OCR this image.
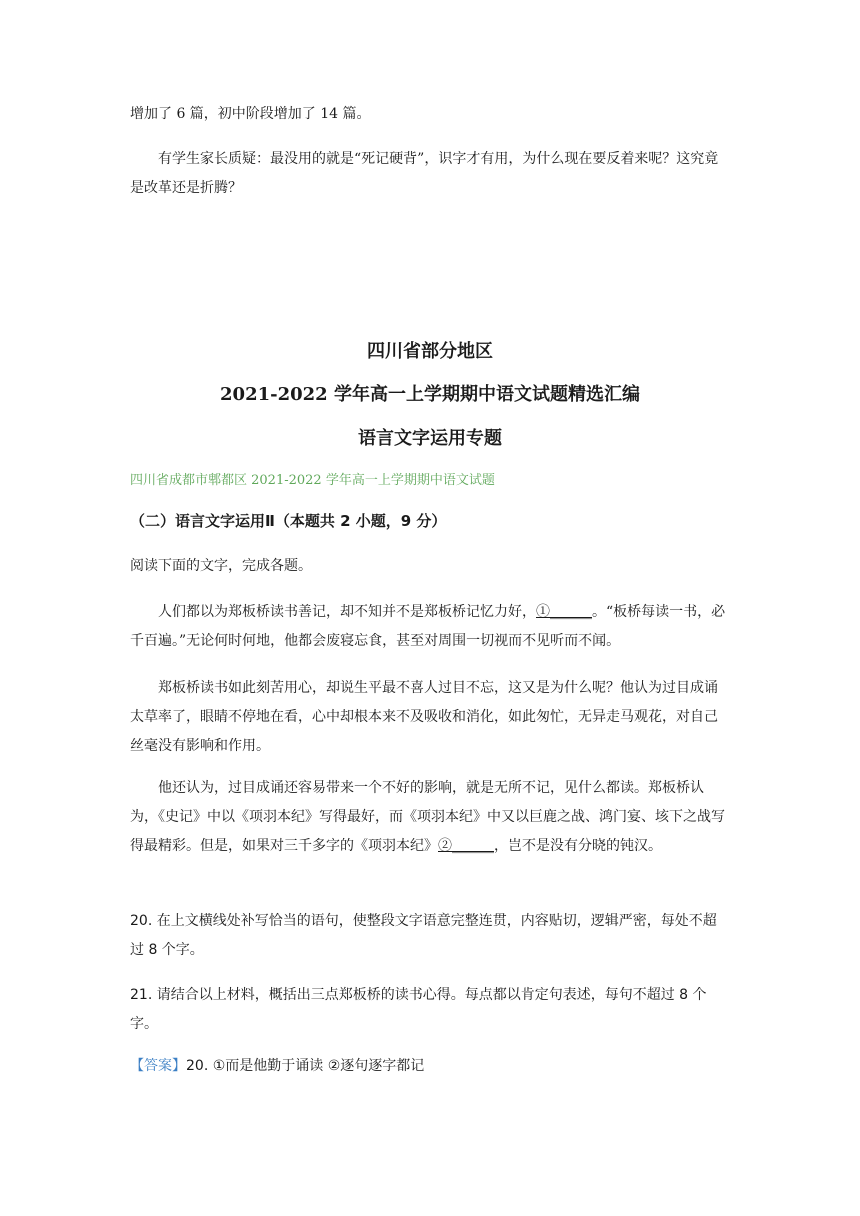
增加了 6 篇，初中阶段增加了 14 篇。

有学生家长质疑：最没用的就是“死记硬背”，识字才有用，为什么现在要反着来呢？这究竟是改革还是折腾？

四川省部分地区
2021-2022 学年高一上学期期中语文试题精选汇编
语言文字运用专题

四川省成都市郫都区 2021-2022 学年高一上学期期中语文试题

（二）语言文字运用Ⅱ（本题共 2 小题，9 分）

阅读下面的文字，完成各题。

人们都以为郑板桥读书善记，却不知并不是郑板桥记忆力好，①______。“板桥每读一书，必千百遍。”无论何时何地，他都会废寝忘食，甚至对周围一切视而不见听而不闻。

郑板桥读书如此刻苦用心，却说生平最不喜人过目不忘，这又是为什么呢？他认为过目成诵太草率了，眼睛不停地在看，心中却根本来不及吸收和消化，如此匆忙，无异走马观花，对自己丝毫没有影响和作用。

他还认为，过目成诵还容易带来一个不好的影响，就是无所不记，见什么都读。郑板桥认为，《史记》中以《项羽本纪》写得最好，而《项羽本纪》中又以巨鹿之战、鸿门宴、垓下之战写得最精彩。但是，如果对三千多字的《项羽本纪》②______，岂不是没有分晓的钝汉。

20. 在上文横线处补写恰当的语句，使整段文字语意完整连贯，内容贴切，逻辑严密，每处不超过 8 个字。

21. 请结合以上材料，概括出三点郑板桥的读书心得。每点都以肯定句表述，每句不超过 8 个字。

【答案】20. ①而是他勤于诵读 ②逐句逐字都记
